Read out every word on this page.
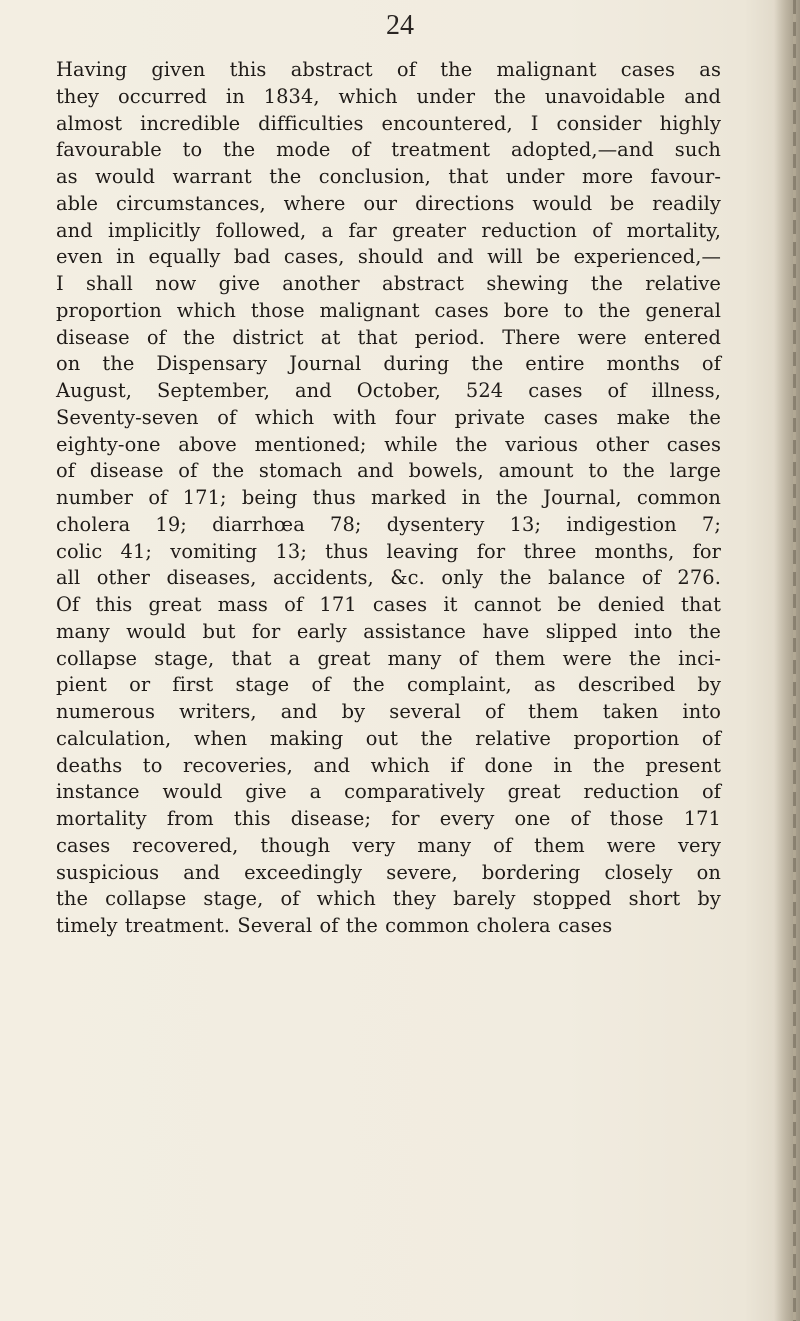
24
Having given this abstract of the malignant cases as
they occurred in 1834, which under the unavoidable and
almost incredible difficulties encountered, I consider highly
favourable to the mode of treatment adopted,—and such
as would warrant the conclusion, that under more favour-
able circumstances, where our directions would be readily
and implicitly followed, a far greater reduction of mortality,
even in equally bad cases, should and will be experienced,—
I shall now give another abstract shewing the relative
proportion which those malignant cases bore to the general
disease of the district at that period. There were entered
on the Dispensary Journal during the entire months of
August, September, and October, 524 cases of illness,
Seventy-seven of which with four private cases make the
eighty-one above mentioned; while the various other cases
of disease of the stomach and bowels, amount to the large
number of 171; being thus marked in the Journal, common
cholera 19; diarrhœa 78; dysentery 13; indigestion 7;
colic 41; vomiting 13; thus leaving for three months, for
all other diseases, accidents, &c. only the balance of 276.
Of this great mass of 171 cases it cannot be denied that
many would but for early assistance have slipped into the
collapse stage, that a great many of them were the inci-
pient or first stage of the complaint, as described by
numerous writers, and by several of them taken into
calculation, when making out the relative proportion of
deaths to recoveries, and which if done in the present
instance would give a comparatively great reduction of
mortality from this disease; for every one of those 171
cases recovered, though very many of them were very
suspicious and exceedingly severe, bordering closely on
the collapse stage, of which they barely stopped short by
timely treatment. Several of the common cholera cases
